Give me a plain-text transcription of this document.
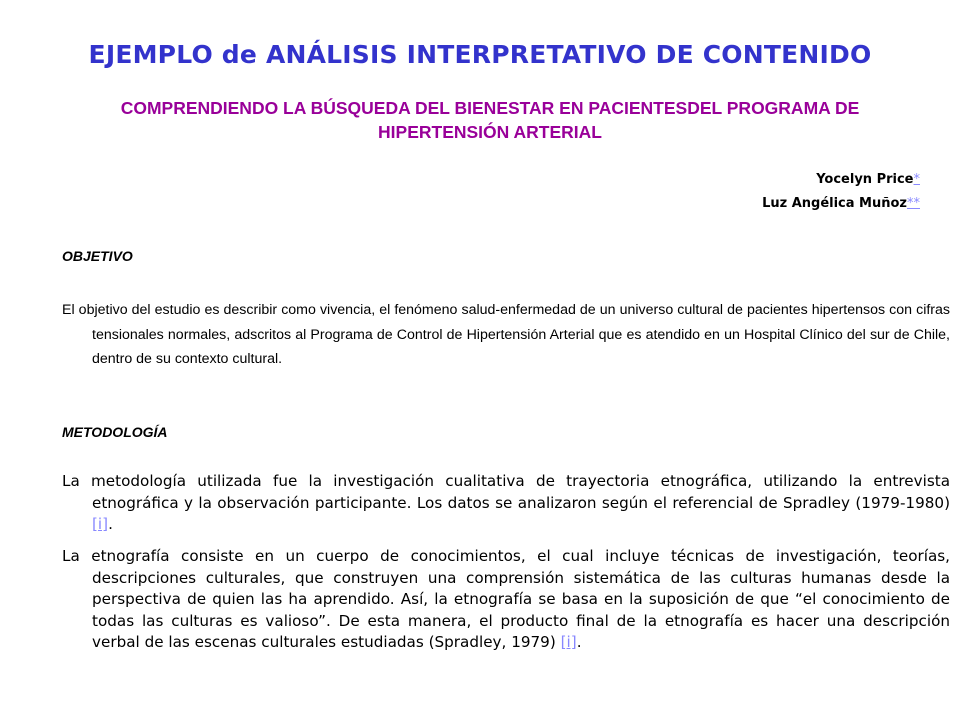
EJEMPLO de ANÁLISIS INTERPRETATIVO DE CONTENIDO
COMPRENDIENDO LA BÚSQUEDA DEL BIENESTAR EN PACIENTESDEL PROGRAMA DE HIPERTENSIÓN ARTERIAL
Yocelyn Price*
Luz Angélica Muñoz**
OBJETIVO

El objetivo del estudio es describir como vivencia, el fenómeno salud-enfermedad de un universo cultural de pacientes hipertensos con cifras tensionales normales, adscritos al Programa de Control de Hipertensión Arterial que es atendido en un Hospital Clínico del sur de Chile, dentro de su contexto cultural.

METODOLOGÍA

La metodología utilizada fue la investigación cualitativa de trayectoria etnográfica, utilizando la entrevista etnográfica y la observación participante. Los datos se analizaron según el referencial de Spradley (1979-1980) [i].

La etnografía consiste en un cuerpo de conocimientos, el cual incluye técnicas de investigación, teorías, descripciones culturales, que construyen una comprensión sistemática de las culturas humanas desde la perspectiva de quien las ha aprendido. Así, la etnografía se basa en la suposición de que “el conocimiento de todas las culturas es valioso”. De esta manera, el producto final de la etnografía es hacer una descripción verbal de las escenas culturales estudiadas (Spradley, 1979) [i].
